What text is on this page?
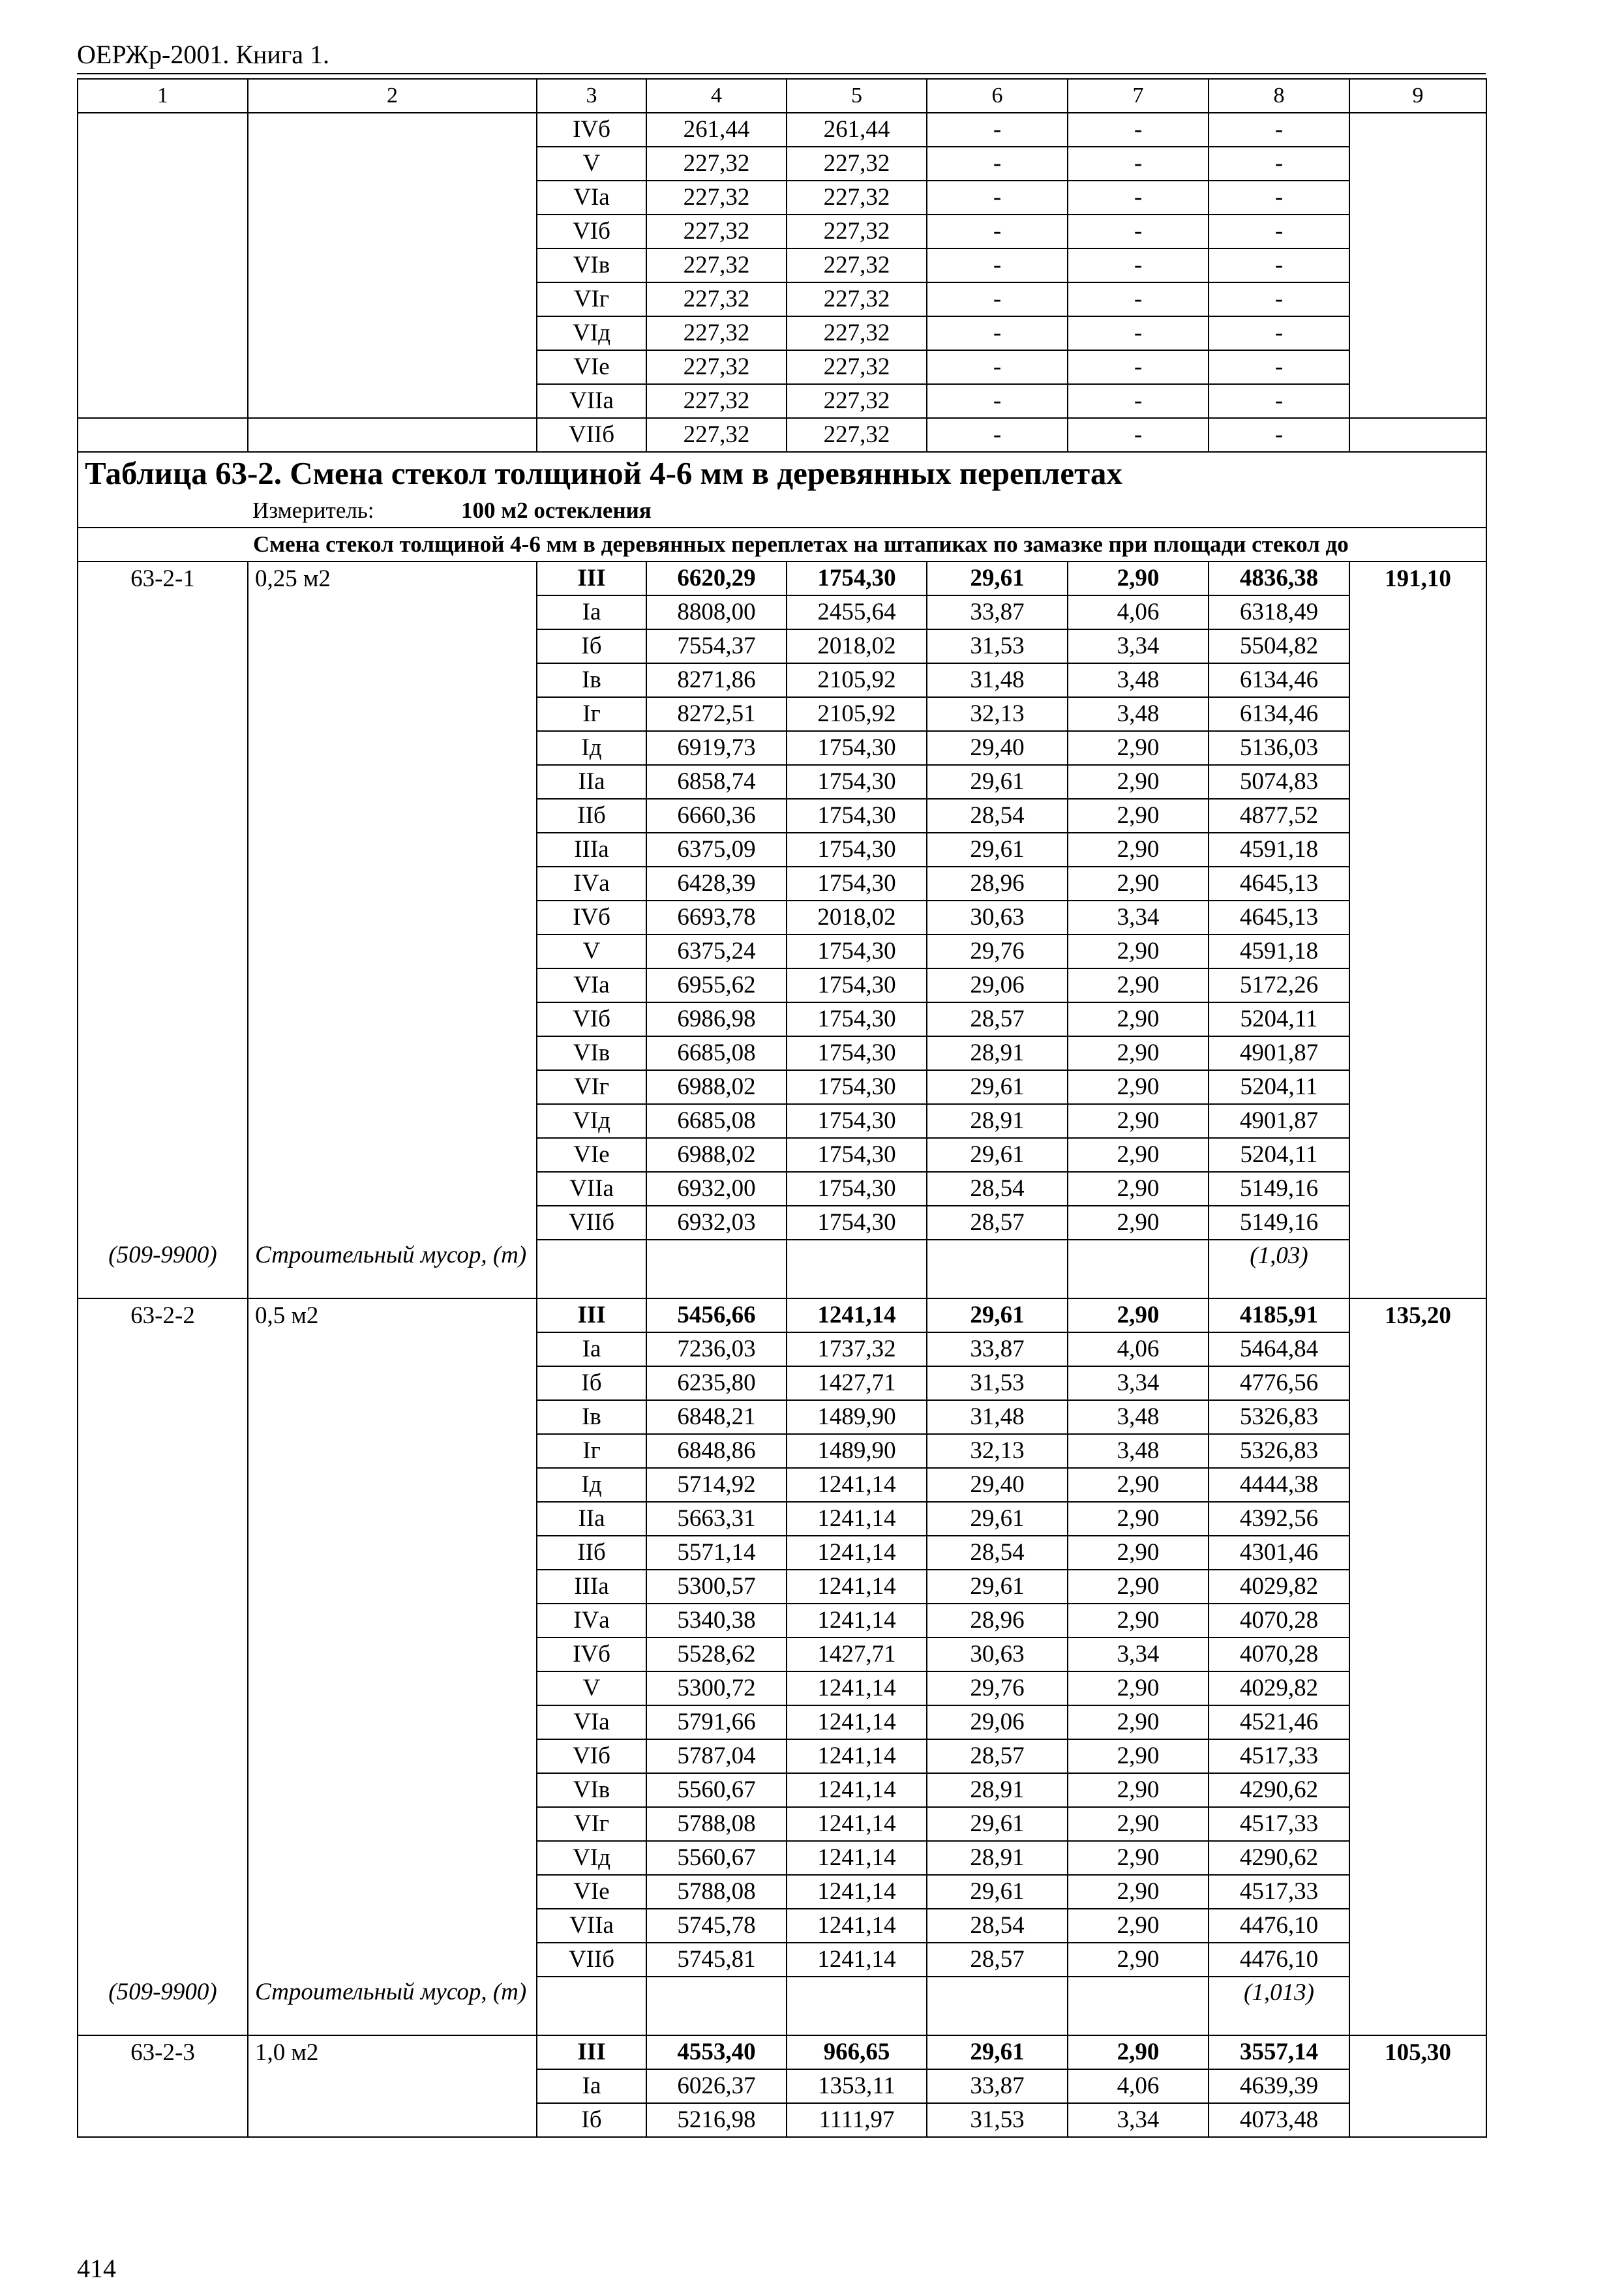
ОЕРЖр-2001. Книга 1.
1	2	3	4	5	6	7	8	9
		IVб	261,44	261,44	-	-	-	
		V	227,32	227,32	-	-	-	
		VIа	227,32	227,32	-	-	-	
		VIб	227,32	227,32	-	-	-	
		VIв	227,32	227,32	-	-	-	
		VIг	227,32	227,32	-	-	-	
		VIд	227,32	227,32	-	-	-	
		VIе	227,32	227,32	-	-	-	
		VIIа	227,32	227,32	-	-	-	
		VIIб	227,32	227,32	-	-	-	
Таблица 63-2. Смена стекол толщиной 4-6 мм в деревянных переплетах								
Измеритель: 100 м2 остекления								
Смена стекол толщиной 4-6 мм в деревянных переплетах на штапиках по замазке при площади стекол до								
63-2-1	0,25 м2	III	6620,29	1754,30	29,61	2,90	4836,38	191,10
		Iа	8808,00	2455,64	33,87	4,06	6318,49	
		Iб	7554,37	2018,02	31,53	3,34	5504,82	
		Iв	8271,86	2105,92	31,48	3,48	6134,46	
		Iг	8272,51	2105,92	32,13	3,48	6134,46	
		Iд	6919,73	1754,30	29,40	2,90	5136,03	
		IIа	6858,74	1754,30	29,61	2,90	5074,83	
		IIб	6660,36	1754,30	28,54	2,90	4877,52	
		IIIа	6375,09	1754,30	29,61	2,90	4591,18	
		IVа	6428,39	1754,30	28,96	2,90	4645,13	
		IVб	6693,78	2018,02	30,63	3,34	4645,13	
		V	6375,24	1754,30	29,76	2,90	4591,18	
		VIа	6955,62	1754,30	29,06	2,90	5172,26	
		VIб	6986,98	1754,30	28,57	2,90	5204,11	
		VIв	6685,08	1754,30	28,91	2,90	4901,87	
		VIг	6988,02	1754,30	29,61	2,90	5204,11	
		VIд	6685,08	1754,30	28,91	2,90	4901,87	
		VIе	6988,02	1754,30	29,61	2,90	5204,11	
		VIIа	6932,00	1754,30	28,54	2,90	5149,16	
		VIIб	6932,03	1754,30	28,57	2,90	5149,16	
(509-9900)	Строительный мусор, (т)						(1,03)	
63-2-2	0,5 м2	III	5456,66	1241,14	29,61	2,90	4185,91	135,20
		Iа	7236,03	1737,32	33,87	4,06	5464,84	
		Iб	6235,80	1427,71	31,53	3,34	4776,56	
		Iв	6848,21	1489,90	31,48	3,48	5326,83	
		Iг	6848,86	1489,90	32,13	3,48	5326,83	
		Iд	5714,92	1241,14	29,40	2,90	4444,38	
		IIа	5663,31	1241,14	29,61	2,90	4392,56	
		IIб	5571,14	1241,14	28,54	2,90	4301,46	
		IIIа	5300,57	1241,14	29,61	2,90	4029,82	
		IVа	5340,38	1241,14	28,96	2,90	4070,28	
		IVб	5528,62	1427,71	30,63	3,34	4070,28	
		V	5300,72	1241,14	29,76	2,90	4029,82	
		VIа	5791,66	1241,14	29,06	2,90	4521,46	
		VIб	5787,04	1241,14	28,57	2,90	4517,33	
		VIв	5560,67	1241,14	28,91	2,90	4290,62	
		VIг	5788,08	1241,14	29,61	2,90	4517,33	
		VIд	5560,67	1241,14	28,91	2,90	4290,62	
		VIе	5788,08	1241,14	29,61	2,90	4517,33	
		VIIа	5745,78	1241,14	28,54	2,90	4476,10	
		VIIб	5745,81	1241,14	28,57	2,90	4476,10	
(509-9900)	Строительный мусор, (т)						(1,013)	
63-2-3	1,0 м2	III	4553,40	966,65	29,61	2,90	3557,14	105,30
		Iа	6026,37	1353,11	33,87	4,06	4639,39	
		Iб	5216,98	1111,97	31,53	3,34	4073,48	
414
